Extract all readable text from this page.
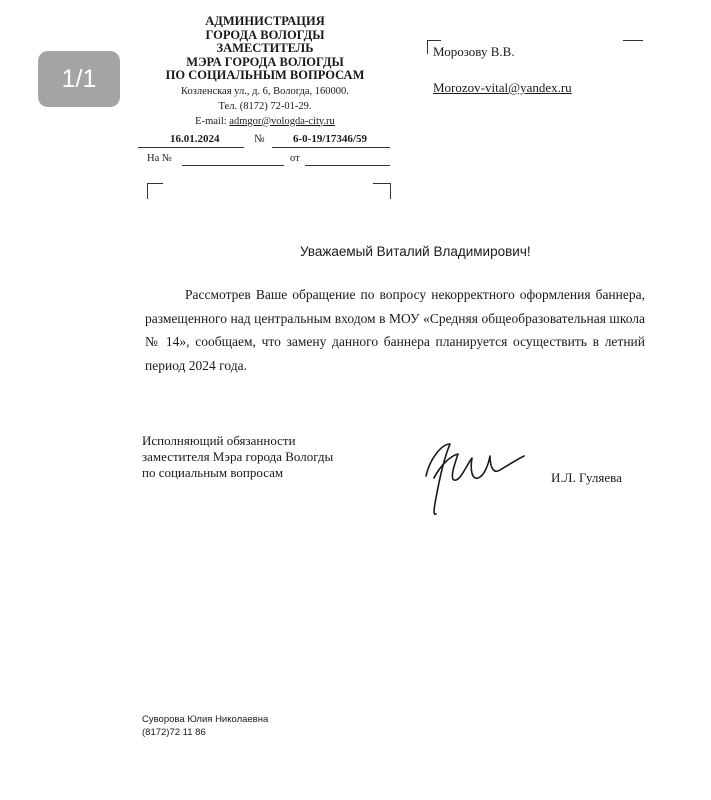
1/1
АДМИНИСТРАЦИЯ
ГОРОДА ВОЛОГДЫ
ЗАМЕСТИТЕЛЬ
МЭРА ГОРОДА ВОЛОГДЫ
ПО СОЦИАЛЬНЫМ ВОПРОСАМ
Козленская ул., д. 6, Вологда, 160000.
Тел. (8172) 72-01-29.
E-mail: admgor@vologda-city.ru
16.01.2024	№	6-0-19/17346/59
На №	от
Морозову В.В.
Morozov-vital@yandex.ru
Уважаемый Виталий Владимирович!

Рассмотрев Ваше обращение по вопросу некорректного оформления баннера, размещенного над центральным входом в МОУ «Средняя общеобразовательная школа № 14», сообщаем, что замену данного баннера планируется осуществить в летний период 2024 года.

Исполняющий обязанности
заместителя Мэра города Вологды
по социальным вопросам	И.Л. Гуляева
Суворова Юлия Николаевна
(8172)72 11 86
